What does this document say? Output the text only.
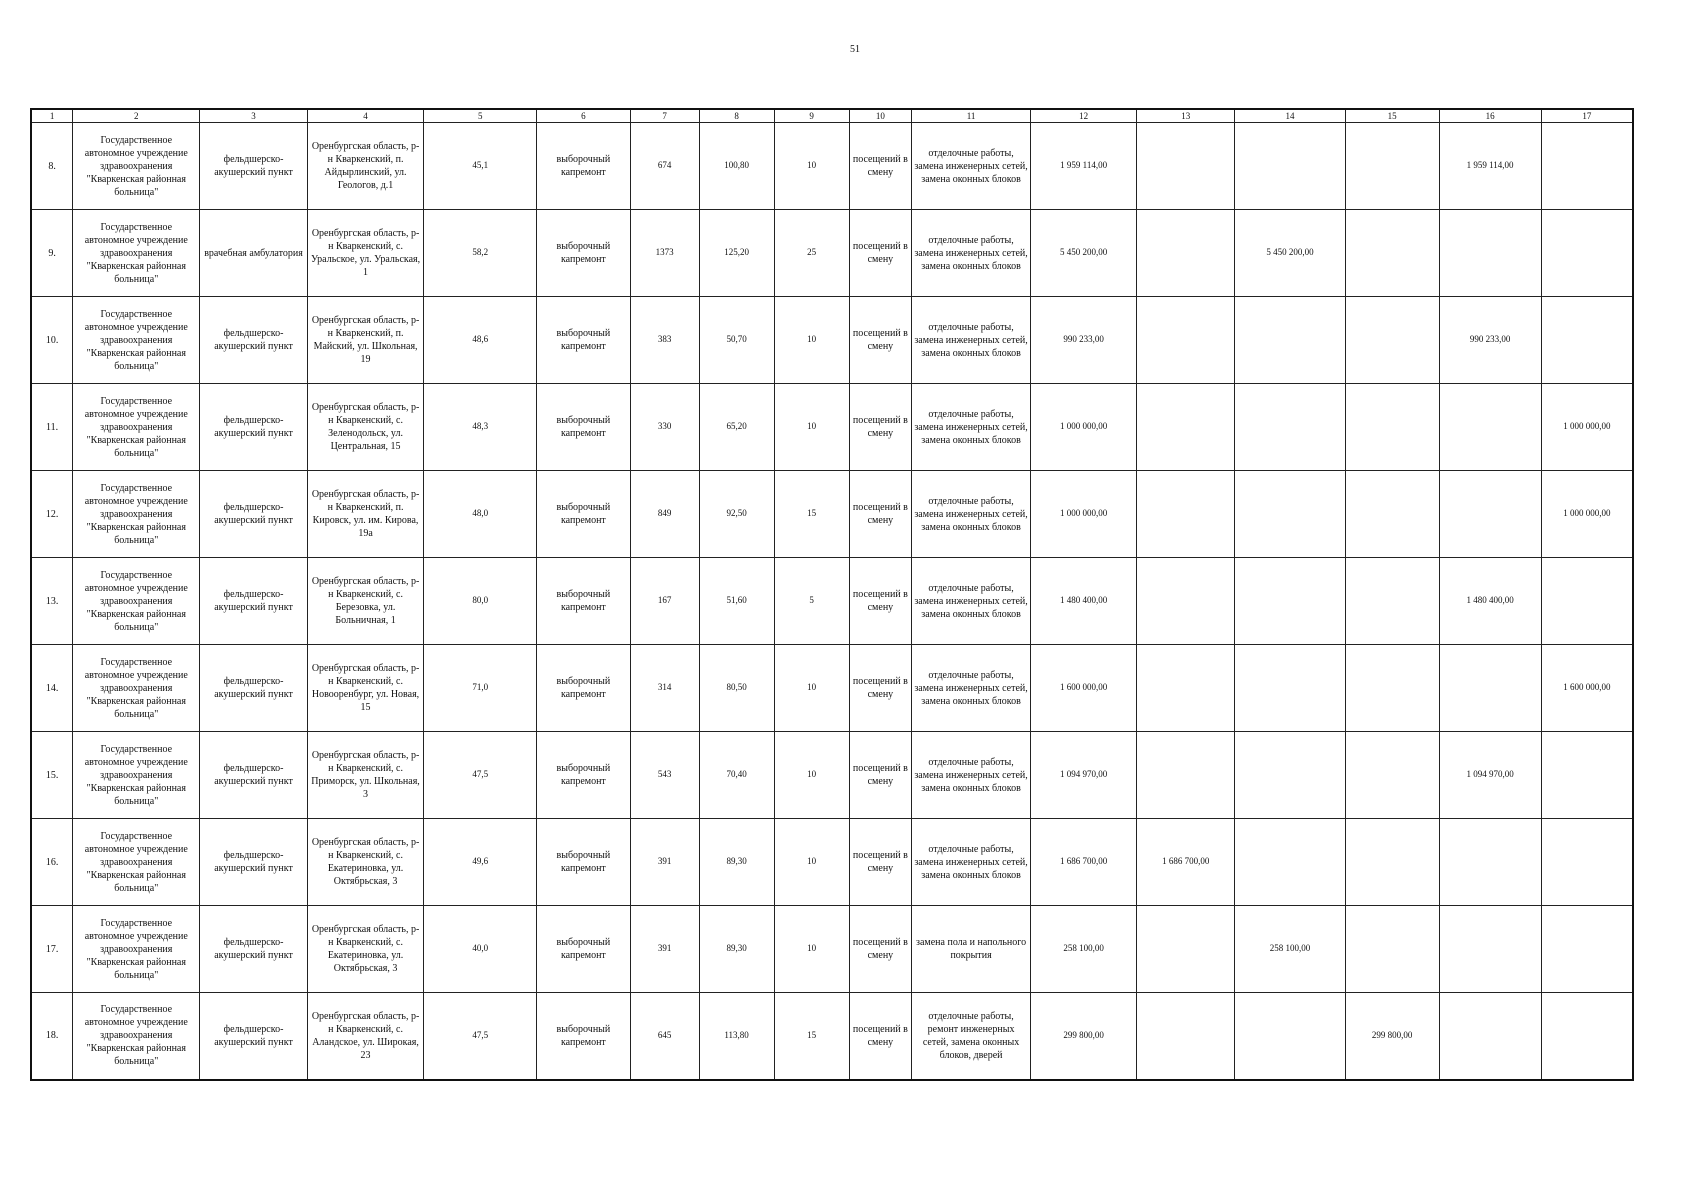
51
1	2	3	4	5	6	7	8	9	10	11	12	13	14	15	16	17
8.	Государственное автономное учреждение здравоохранения "Кваркенская районная больница"	фельдшерско-акушерский пункт	Оренбургская область, р-н Кваркенский, п. Айдырлинский, ул. Геологов, д.1	45,1	выборочный капремонт	674	100,80	10	посещений в смену	отделочные работы, замена инженерных сетей, замена оконных блоков	1 959 114,00				1 959 114,00	
9.	Государственное автономное учреждение здравоохранения "Кваркенская районная больница"	врачебная амбулатория	Оренбургская область, р-н Кваркенский, с. Уральское, ул. Уральская, 1	58,2	выборочный капремонт	1373	125,20	25	посещений в смену	отделочные работы, замена инженерных сетей, замена оконных блоков	5 450 200,00		5 450 200,00			
10.	Государственное автономное учреждение здравоохранения "Кваркенская районная больница"	фельдшерско-акушерский пункт	Оренбургская область, р-н Кваркенский, п. Майский, ул. Школьная, 19	48,6	выборочный капремонт	383	50,70	10	посещений в смену	отделочные работы, замена инженерных сетей, замена оконных блоков	990 233,00				990 233,00	
11.	Государственное автономное учреждение здравоохранения "Кваркенская районная больница"	фельдшерско-акушерский пункт	Оренбургская область, р-н Кваркенский, с. Зеленодольск, ул. Центральная, 15	48,3	выборочный капремонт	330	65,20	10	посещений в смену	отделочные работы, замена инженерных сетей, замена оконных блоков	1 000 000,00					1 000 000,00
12.	Государственное автономное учреждение здравоохранения "Кваркенская районная больница"	фельдшерско-акушерский пункт	Оренбургская область, р-н Кваркенский, п. Кировск, ул. им. Кирова, 19а	48,0	выборочный капремонт	849	92,50	15	посещений в смену	отделочные работы, замена инженерных сетей, замена оконных блоков	1 000 000,00					1 000 000,00
13.	Государственное автономное учреждение здравоохранения "Кваркенская районная больница"	фельдшерско-акушерский пункт	Оренбургская область, р-н Кваркенский, с. Березовка, ул. Больничная, 1	80,0	выборочный капремонт	167	51,60	5	посещений в смену	отделочные работы, замена инженерных сетей, замена оконных блоков	1 480 400,00				1 480 400,00	
14.	Государственное автономное учреждение здравоохранения "Кваркенская районная больница"	фельдшерско-акушерский пункт	Оренбургская область, р-н Кваркенский, с. Новооренбург, ул. Новая, 15	71,0	выборочный капремонт	314	80,50	10	посещений в смену	отделочные работы, замена инженерных сетей, замена оконных блоков	1 600 000,00					1 600 000,00
15.	Государственное автономное учреждение здравоохранения "Кваркенская районная больница"	фельдшерско-акушерский пункт	Оренбургская область, р-н Кваркенский, с. Приморск, ул. Школьная, 3	47,5	выборочный капремонт	543	70,40	10	посещений в смену	отделочные работы, замена инженерных сетей, замена оконных блоков	1 094 970,00				1 094 970,00	
16.	Государственное автономное учреждение здравоохранения "Кваркенская районная больница"	фельдшерско-акушерский пункт	Оренбургская область, р-н Кваркенский, с. Екатериновка, ул. Октябрьская, 3	49,6	выборочный капремонт	391	89,30	10	посещений в смену	отделочные работы, замена инженерных сетей, замена оконных блоков	1 686 700,00	1 686 700,00				
17.	Государственное автономное учреждение здравоохранения "Кваркенская районная больница"	фельдшерско-акушерский пункт	Оренбургская область, р-н Кваркенский, с. Екатериновка, ул. Октябрьская, 3	40,0	выборочный капремонт	391	89,30	10	посещений в смену	замена пола и напольного покрытия	258 100,00		258 100,00			
18.	Государственное автономное учреждение здравоохранения "Кваркенская районная больница"	фельдшерско-акушерский пункт	Оренбургская область, р-н Кваркенский, с. Аландское, ул. Широкая, 23	47,5	выборочный капремонт	645	113,80	15	посещений в смену	отделочные работы, ремонт инженерных сетей, замена оконных блоков, дверей	299 800,00			299 800,00		
